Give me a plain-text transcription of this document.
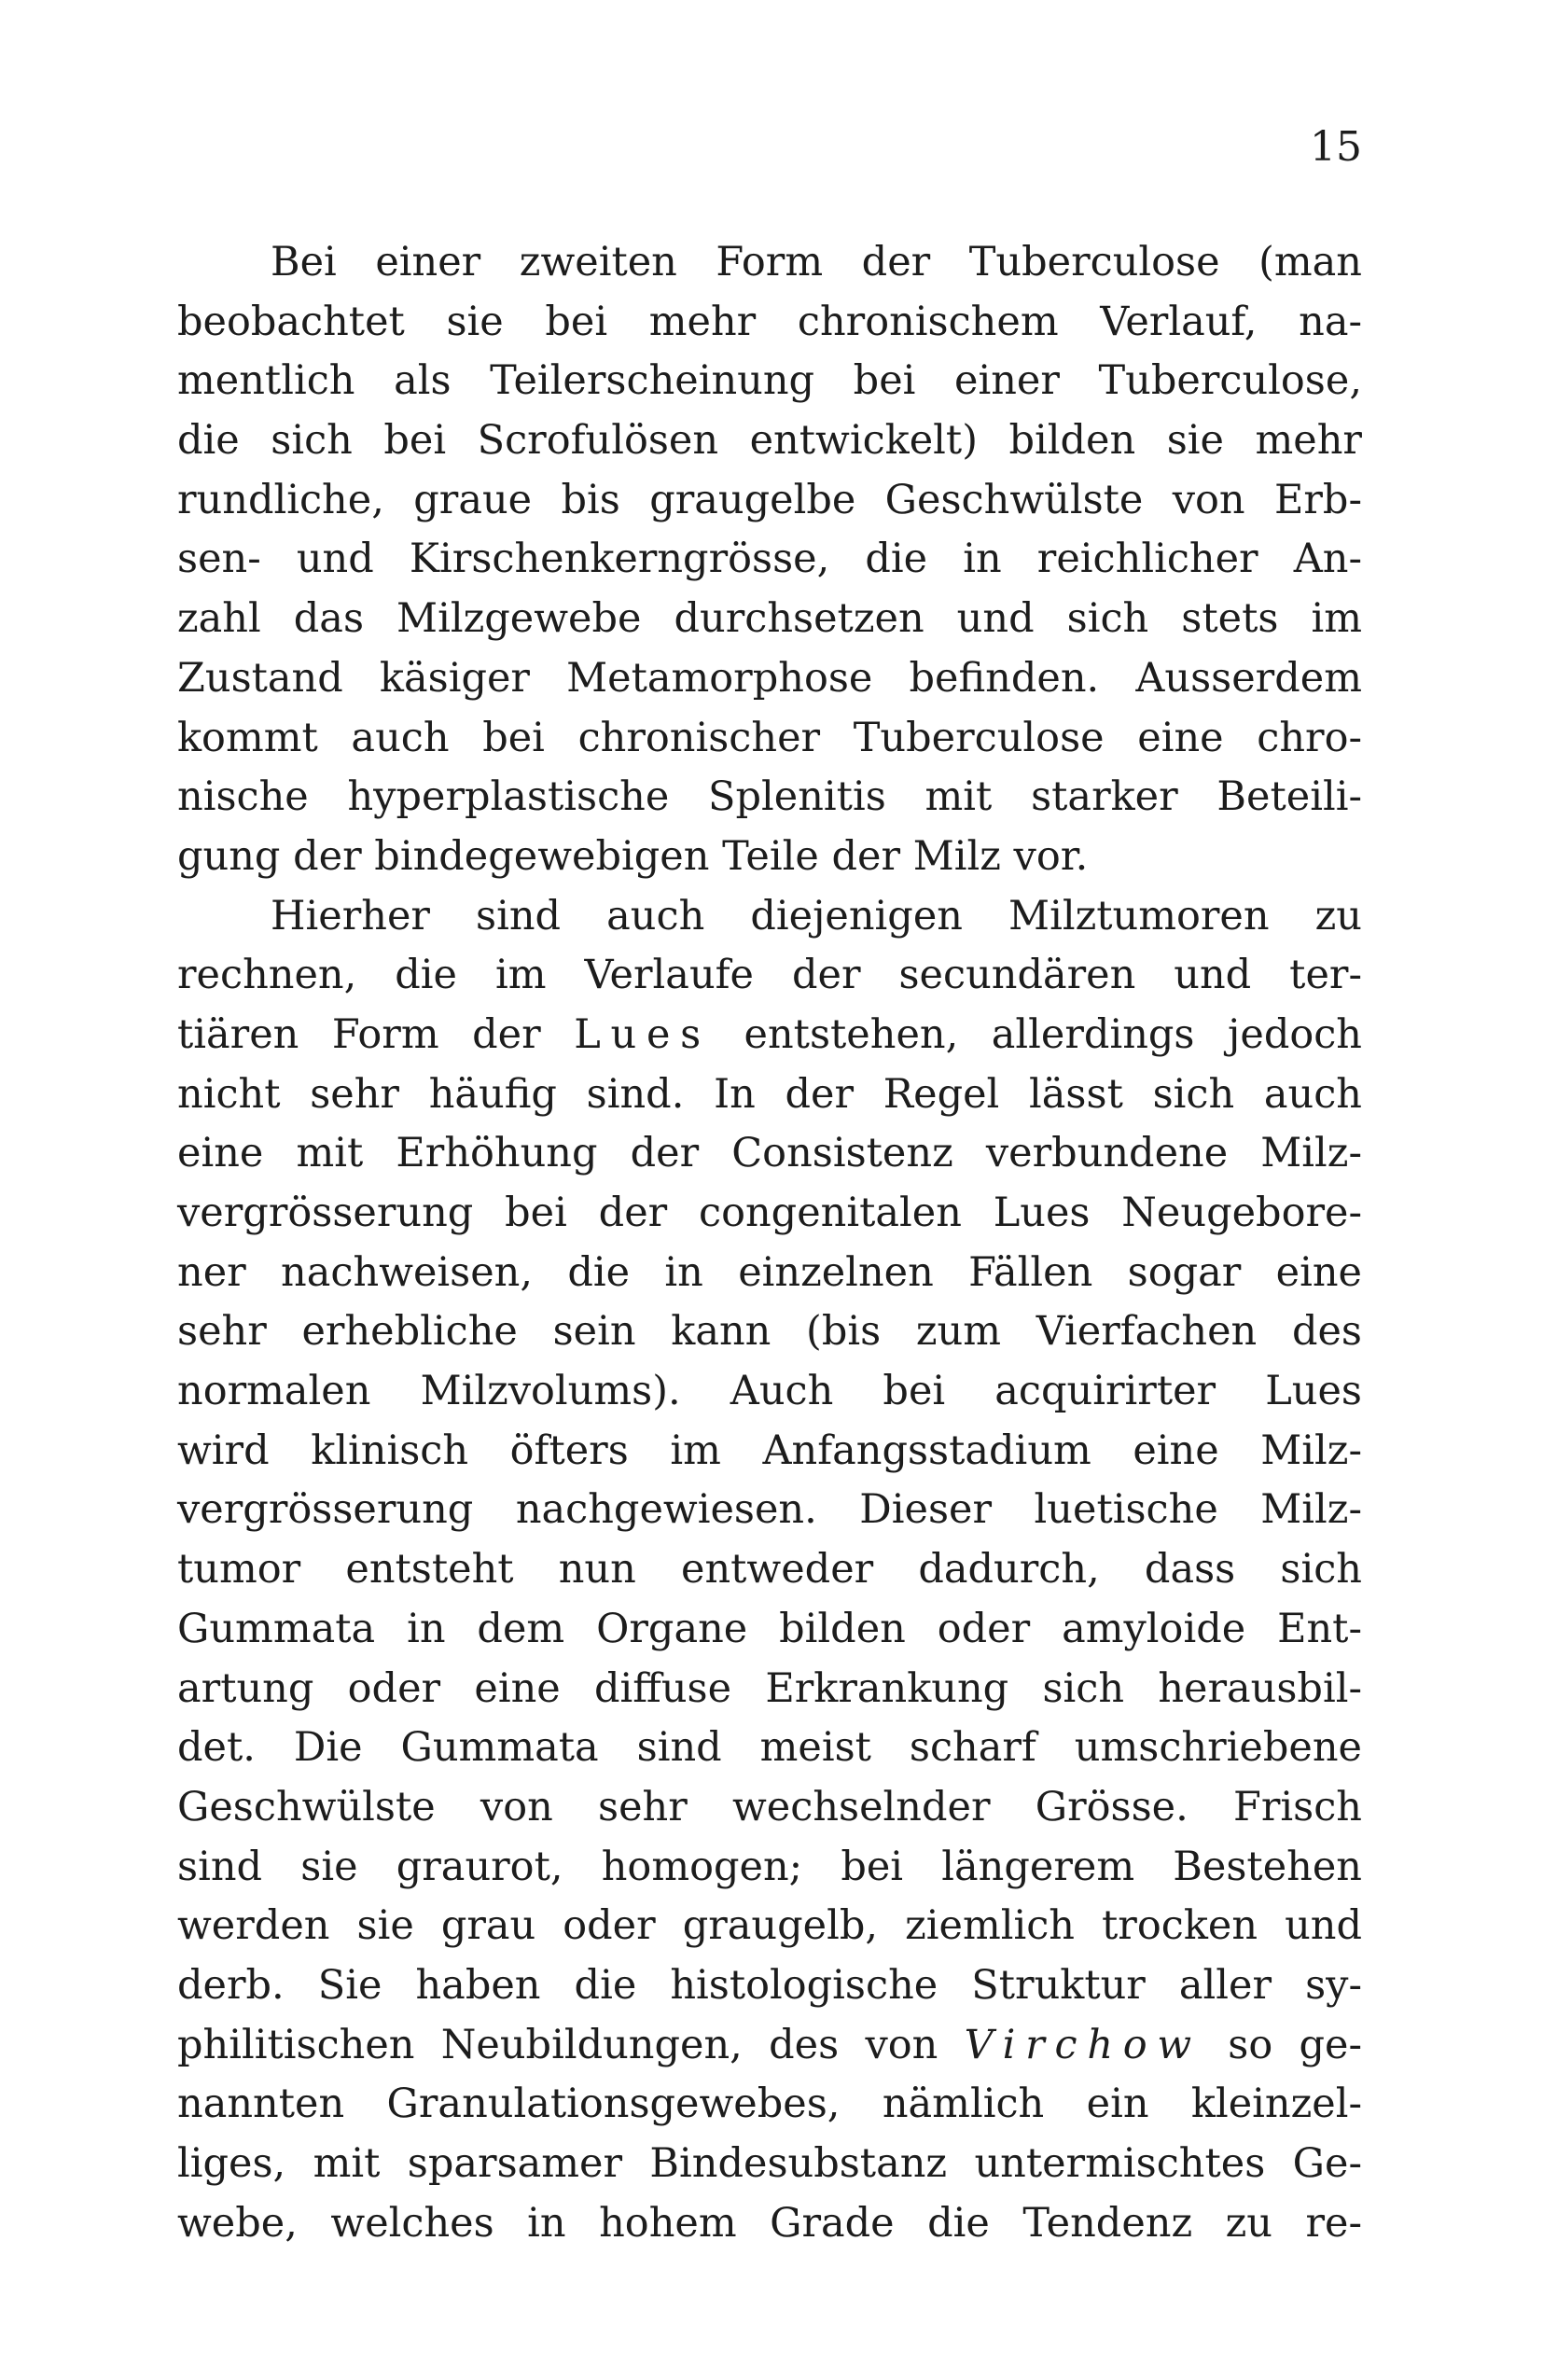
15
Bei einer zweiten Form der Tuberculose (man
beobachtet sie bei mehr chronischem Verlauf, na-
mentlich als Teilerscheinung bei einer Tuberculose,
die sich bei Scrofulösen entwickelt) bilden sie mehr
rundliche, graue bis graugelbe Geschwülste von Erb-
sen- und Kirschenkerngrösse, die in reichlicher An-
zahl das Milzgewebe durchsetzen und sich stets im
Zustand käsiger Metamorphose befinden. Ausserdem
kommt auch bei chronischer Tuberculose eine chro-
nische hyperplastische Splenitis mit starker Beteili-
gung der bindegewebigen Teile der Milz vor.
Hierher sind auch diejenigen Milztumoren zu
rechnen, die im Verlaufe der secundären und ter-
tiären Form der Lues entstehen, allerdings jedoch
nicht sehr häufig sind. In der Regel lässt sich auch
eine mit Erhöhung der Consistenz verbundene Milz-
vergrösserung bei der congenitalen Lues Neugebore-
ner nachweisen, die in einzelnen Fällen sogar eine
sehr erhebliche sein kann (bis zum Vierfachen des
normalen Milzvolums). Auch bei acquirirter Lues
wird klinisch öfters im Anfangsstadium eine Milz-
vergrösserung nachgewiesen. Dieser luetische Milz-
tumor entsteht nun entweder dadurch, dass sich
Gummata in dem Organe bilden oder amyloide Ent-
artung oder eine diffuse Erkrankung sich herausbil-
det. Die Gummata sind meist scharf umschriebene
Geschwülste von sehr wechselnder Grösse. Frisch
sind sie graurot, homogen; bei längerem Bestehen
werden sie grau oder graugelb, ziemlich trocken und
derb. Sie haben die histologische Struktur aller sy-
philitischen Neubildungen, des von Virchow so ge-
nannten Granulationsgewebes, nämlich ein kleinzel-
liges, mit sparsamer Bindesubstanz untermischtes Ge-
webe, welches in hohem Grade die Tendenz zu re-
